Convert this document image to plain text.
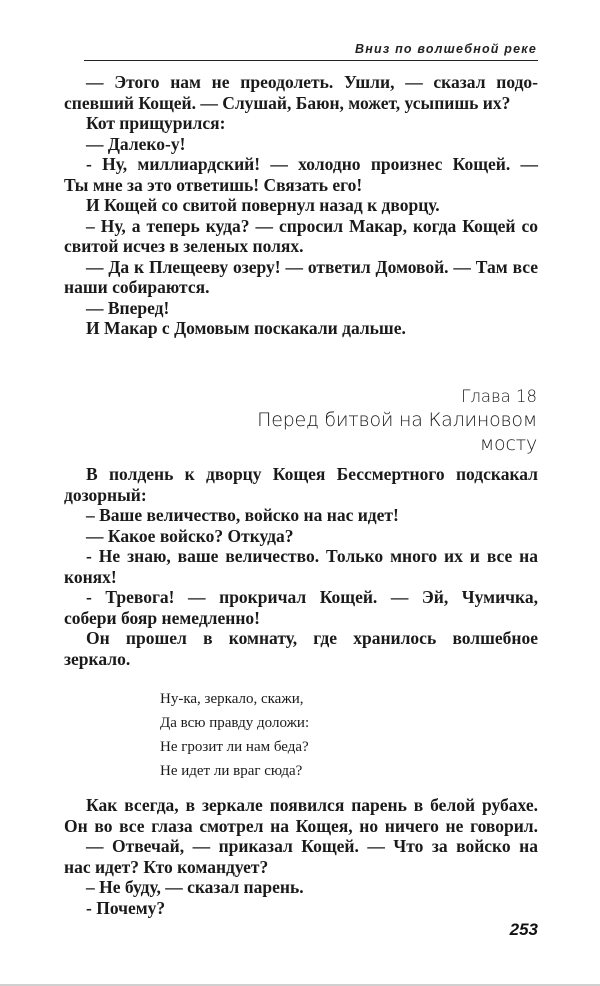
Вниз по волшебной реке

— Этого нам не преодолеть. Ушли, — сказал подо-

спевший Кощей. — Слушай, Баюн, может, усыпишь их?

Кот прищурился:

— Далеко-у!

- Ну, миллиардский! — холодно произнес Кощей. —

Ты мне за это ответишь! Связать его!

И Кощей со свитой повернул назад к дворцу.

– Ну, а теперь куда? — спросил Макар, когда Кощей со

свитой исчез в зеленых полях.

— Да к Плещееву озеру! — ответил Домовой. — Там все

наши собираются.

— Вперед!

И Макар с Домовым поскакали дальше.

Глава 18
Перед битвой на Калиновом мосту

В полдень к дворцу Кощея Бессмертного подскакал

дозорный:

– Ваше величество, войско на нас идет!

— Какое войско? Откуда?

- Не знаю, ваше величество. Только много их и все на

конях!

- Тревога! — прокричал Кощей. — Эй, Чумичка,

собери бояр немедленно!

Он прошел в комнату, где хранилось волшебное

зеркало.

Ну-ка, зеркало, скажи,

Да всю правду доложи:

Не грозит ли нам беда?

Не идет ли враг сюда?

Как всегда, в зеркале появился парень в белой рубахе.

Он во все глаза смотрел на Кощея, но ничего не говорил.

— Отвечай, — приказал Кощей. — Что за войско на

нас идет? Кто командует?

– Не буду, — сказал парень.

- Почему?

253
